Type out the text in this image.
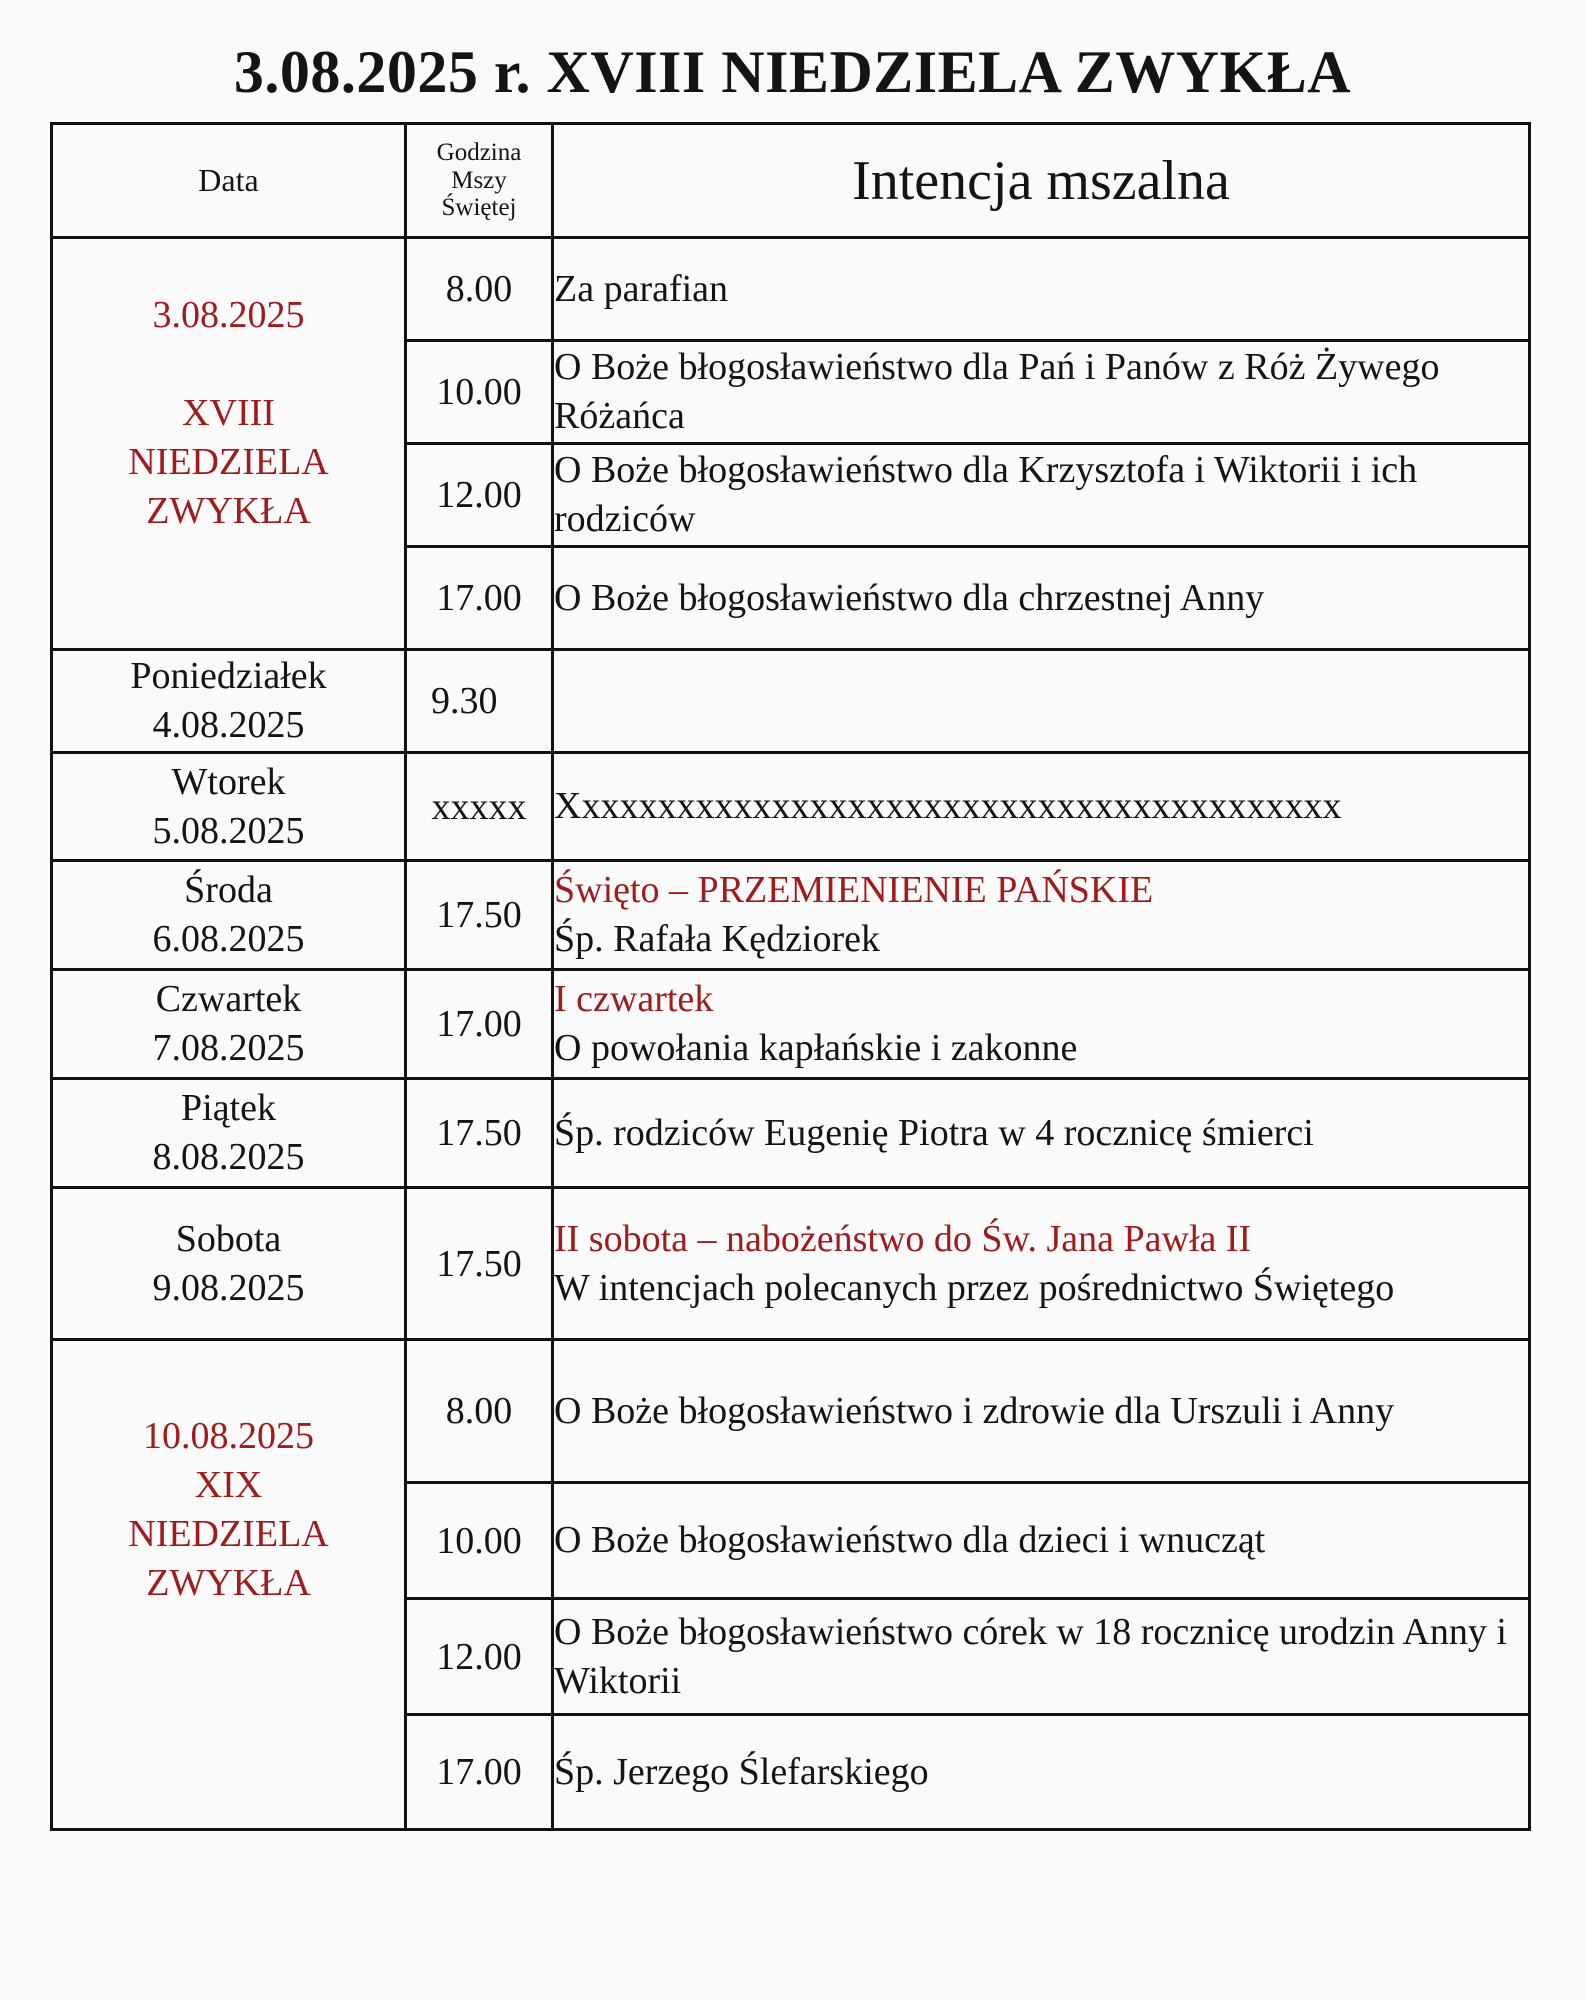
3.08.2025 r. XVIII NIEDZIELA ZWYKŁA
Data	Godzina
Mszy
Świętej	Intencja mszalna

3.08.2025
XVIII
NIEDZIELA
ZWYKŁA	8.00	Za parafian
	10.00	O Boże błogosławieństwo dla Pań i Panów z Róż Żywego Różańca
	12.00	O Boże błogosławieństwo dla Krzysztofa i Wiktorii i ich rodziców
	17.00	O Boże błogosławieństwo dla chrzestnej Anny

Poniedziałek
4.08.2025	9.30	

Wtorek
5.08.2025	xxxxx	Xxxxxxxxxxxxxxxxxxxxxxxxxxxxxxxxxxxxxxxxx

Środa
6.08.2025	17.50	Święto – PRZEMIENIENIE PAŃSKIE
Śp. Rafała Kędziorek

Czwartek
7.08.2025	17.00	I czwartek
O powołania kapłańskie i zakonne

Piątek
8.08.2025	17.50	Śp. rodziców Eugenię Piotra w 4 rocznicę śmierci

Sobota
9.08.2025	17.50	II sobota – nabożeństwo do Św. Jana Pawła II
W intencjach polecanych przez pośrednictwo Świętego

10.08.2025
XIX
NIEDZIELA
ZWYKŁA	8.00	O Boże błogosławieństwo i zdrowie dla Urszuli i Anny
	10.00	O Boże błogosławieństwo dla dzieci i wnucząt
	12.00	O Boże błogosławieństwo córek w 18 rocznicę urodzin Anny i Wiktorii
	17.00	Śp. Jerzego Ślefarskiego
